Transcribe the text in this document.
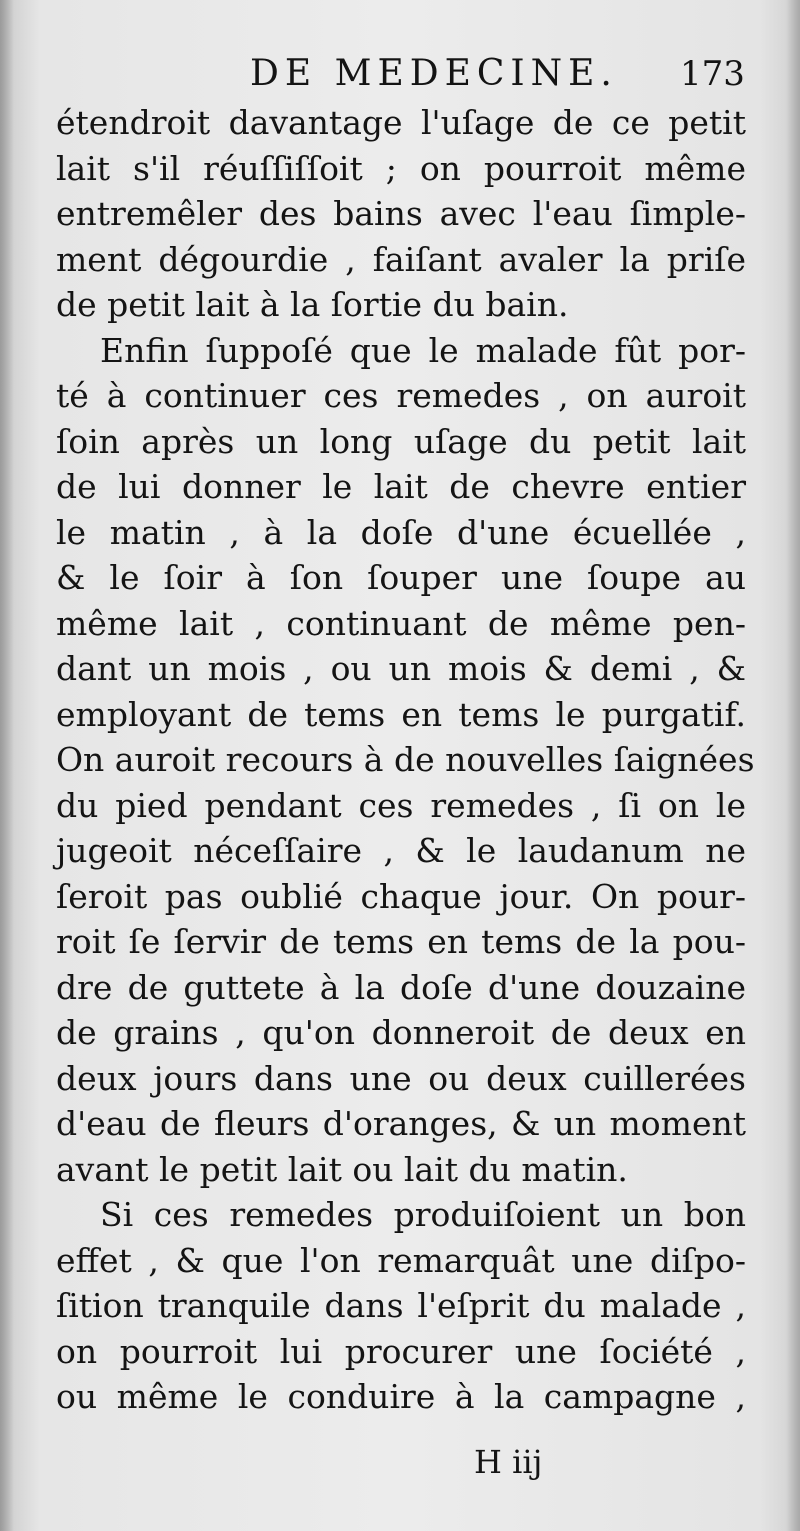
DE MEDECINE. 173
étendroit davantage l'uſage de ce petit
lait s'il réuſſiſſoit ; on pourroit même
entremêler des bains avec l'eau ſimple-
ment dégourdie , faiſant avaler la priſe
de petit lait à la ſortie du bain.
Enfin ſuppoſé que le malade fût por-
té à continuer ces remedes , on auroit
ſoin après un long uſage du petit lait
de lui donner le lait de chevre entier
le matin , à la doſe d'une écuellée ,
& le ſoir à ſon ſouper une ſoupe au
même lait , continuant de même pen-
dant un mois , ou un mois & demi , &
employant de tems en tems le purgatif.
On auroit recours à de nouvelles ſaignées
du pied pendant ces remedes , ſi on le
jugeoit néceſſaire , & le laudanum ne
ſeroit pas oublié chaque jour. On pour-
roit ſe ſervir de tems en tems de la pou-
dre de guttete à la doſe d'une douzaine
de grains , qu'on donneroit de deux en
deux jours dans une ou deux cuillerées
d'eau de fleurs d'oranges, & un moment
avant le petit lait ou lait du matin.
Si ces remedes produiſoient un bon
effet , & que l'on remarquât une diſpo-
ſition tranquile dans l'eſprit du malade ,
on pourroit lui procurer une ſociété ,
ou même le conduire à la campagne ,
H iij
